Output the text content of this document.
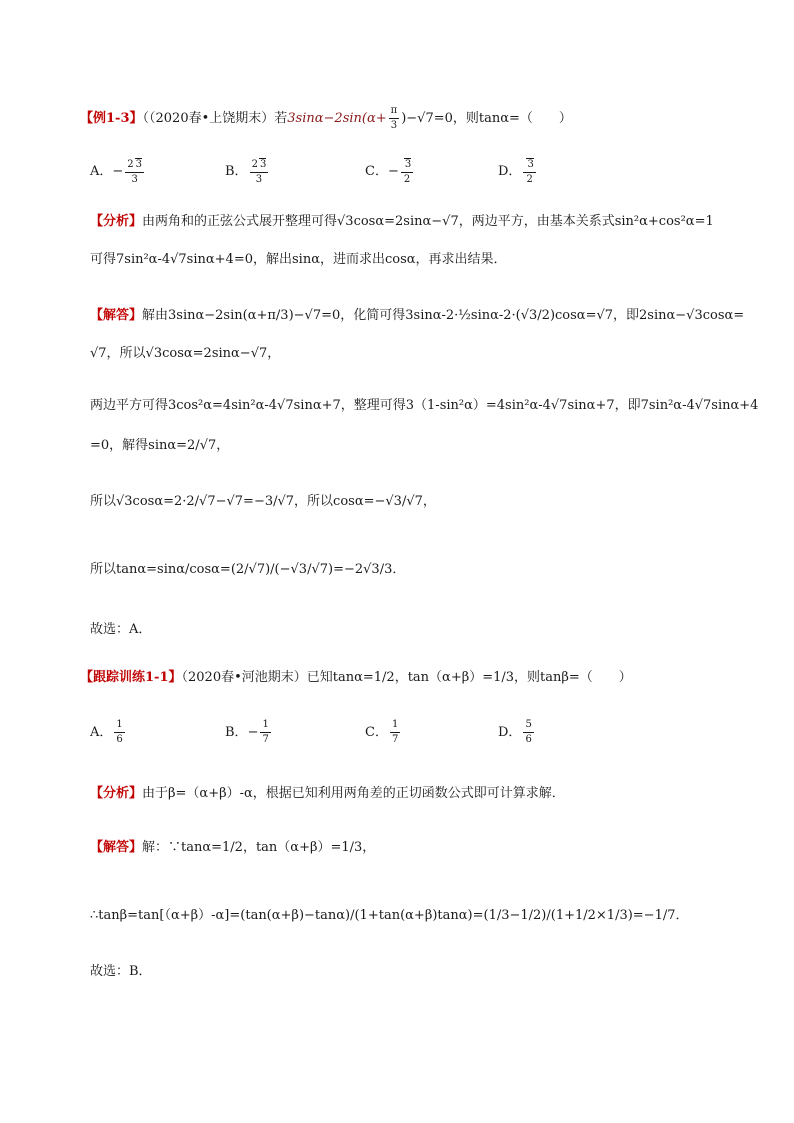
【例1-3】（（2020春•上饶期末）若$3\sin\alpha-2\sin(\alpha+ \frac{\pi}{3} )-√7=0$，则tanα=（　　）
A．− $\frac{2 3}{3}$	B． $\frac{2 3}{3}$	C．− $\frac{3}{2}$	D． $\frac{3}{2}$
【分析】由两角和的正弦公式展开整理可得√3cosα=2sinα−√7，两边平方，由基本关系式sin²α+cos²α=1
可得7sin²α-4√7sinα+4=0，解出sinα，进而求出cosα，再求出结果．
【解答】解由3sinα−2sin(α+π/3)−√7=0，化简可得3sinα-2·½sinα-2·(√3/2)cosα=√7，即2sinα−√3cosα=
√7，所以√3cosα=2sinα−√7，
两边平方可得3cos²α=4sin²α-4√7sinα+7，整理可得3（1-sin²α）=4sin²α-4√7sinα+7，即7sin²α-4√7sinα+4
=0，解得sinα=2/√7，
所以√3cosα=2·2/√7−√7=−3/√7，所以cosα=−√3/√7，
所以tanα=sinα/cosα=(2/√7)/(−√3/√7)=−2√3/3．
故选：A．
【跟踪训练1-1】（2020春•河池期末）已知tanα=1/2，tan（α+β）=1/3，则tanβ=（　　）
A． $\frac{1}{6}$	B．− $\frac{1}{7}$	C． $\frac{1}{7}$	D． $\frac{5}{6}$
【分析】由于β=（α+β）-α，根据已知利用两角差的正切函数公式即可计算求解．
【解答】解：∵tanα=1/2，tan（α+β）=1/3，
∴tanβ=tan[（α+β）-α]=(tan(α+β)−tanα)/(1+tan(α+β)tanα)=(1/3−1/2)/(1+1/2×1/3)=−1/7．
故选：B．
